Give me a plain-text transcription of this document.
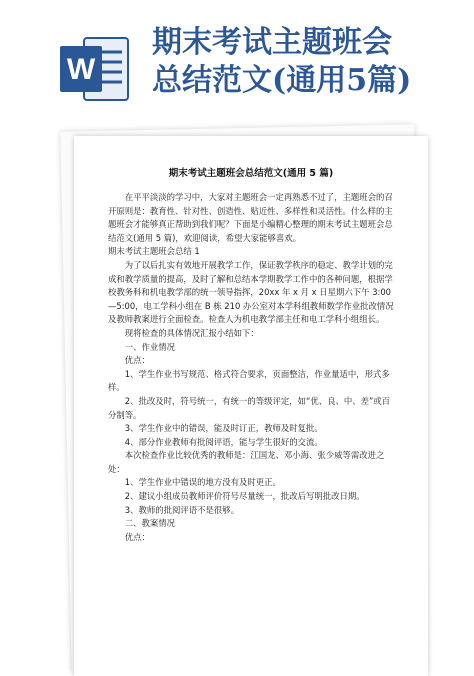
W
期末考试主题班会
总结范文(通用5篇)
期末考试主题班会总结范文(通用 5 篇)

在平平淡淡的学习中，大家对主题班会一定再熟悉不过了，主题班会的召开原则是：教育性、针对性、创造性、贴近性、多样性和灵活性。什么样的主题班会才能够真正帮助到我们呢？下面是小编精心整理的期末考试主题班会总结范文(通用 5 篇)，欢迎阅读，希望大家能够喜欢。

期末考试主题班会总结 1

为了以后扎实有效地开展教学工作，保证教学秩序的稳定、教学计划的完成和教学质量的提高，及时了解和总结本学期教学工作中的各种问题，根据学校教务科和机电教学部的统一领导指挥，20xx 年 x 月 x 日星期六下午 3:00—5:00，电工学科小组在 B 栋 210 办公室对本学科组教师数学作业批改情况及教师教案进行全面检查。检查人为机电教学部主任和电工学科小组组长。

现将检查的具体情况汇报小结如下：

一、作业情况

优点：

1、学生作业书写规范、格式符合要求，页面整洁，作业量适中，形式多样。

2、批改及时，符号统一，有统一的等级评定，如“优、良、中、差”或百分制等。

3、学生作业中的错误，能及时订正，教师及时复批。

4、部分作业教师有批阅评语，能与学生很好的交流。

本次检查作业比较优秀的教师是：江国龙、邓小海、张少威等需改进之处：

1、学生作业中错误的地方没有及时更正。

2、建议小组成员教师评价符号尽量统一，批改后写明批改日期。

3、教师的批阅评语不是很够。

二、教案情况

优点：
